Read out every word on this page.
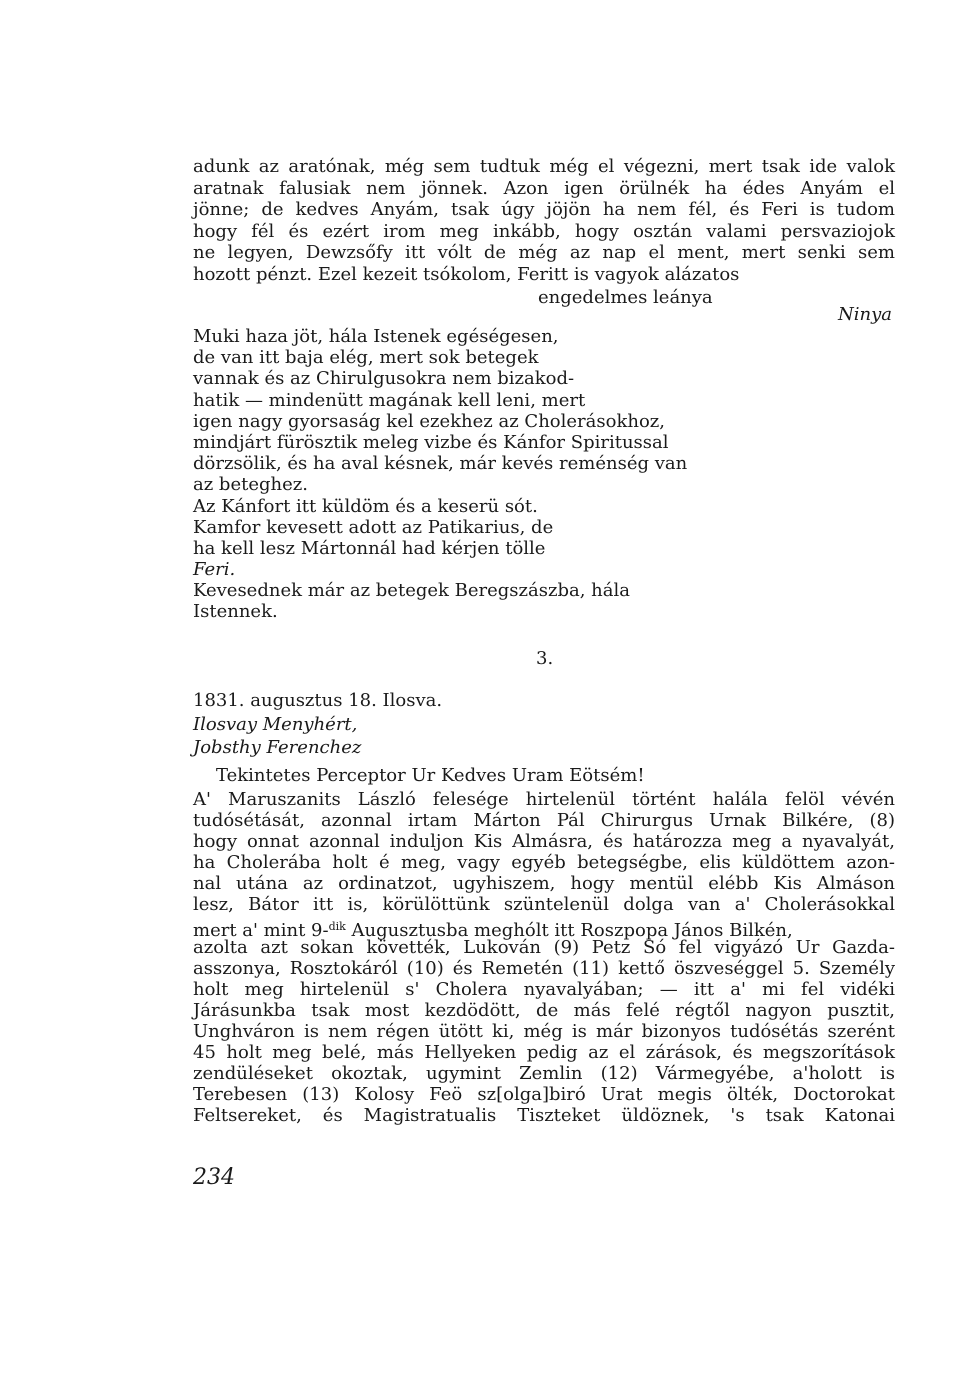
adunk az aratónak, még sem tudtuk még el végezni, mert tsak ide valok
aratnak falusiak nem jönnek. Azon igen örülnék ha édes Anyám el
jönne; de kedves Anyám, tsak úgy jöjön ha nem fél, és Feri is tudom
hogy fél és ezért irom meg inkább, hogy osztán valami persvaziojok
ne legyen, Dewzsőfy itt vólt de még az nap el ment, mert senki sem
hozott pénzt. Ezel kezeit tsókolom, Feritt is vagyok alázatos
engedelmes leánya
Ninya
Muki haza jöt, hála Istenek egéségesen,
de van itt baja elég, mert sok betegek
vannak és az Chirulgusokra nem bizakod-
hatik — mindenütt magának kell leni, mert
igen nagy gyorsaság kel ezekhez az Cholerásokhoz,
mindjárt fürösztik meleg vizbe és Kánfor Spiritussal
dörzsölik, és ha aval késnek, már kevés reménség van
az beteghez.
Az Kánfort itt küldöm és a keserü sót.
Kamfor kevesett adott az Patikarius, de
ha kell lesz Mártonnál had kérjen tölle
Feri.
Kevesednek már az betegek Beregszászba, hála
Istennek.
3.
1831. augusztus 18. Ilosva.
Ilosvay Menyhért,
Jobsthy Ferenchez
Tekintetes Perceptor Ur Kedves Uram Eötsém!
A' Maruszanits László felesége hirtelenül történt halála felöl vévén
tudósétását, azonnal irtam Márton Pál Chirurgus Urnak Bilkére, (8)
hogy onnat azonnal induljon Kis Almásra, és határozza meg a nyavalyát,
ha Cholerába holt é meg, vagy egyéb betegségbe, elis küldöttem azon-
nal utána az ordinatzot, ugyhiszem, hogy mentül elébb Kis Almáson
lesz, Bátor itt is, körülöttünk szüntelenül dolga van a' Cholerásokkal
mert a' mint 9-$^{dik}$ Augusztusba meghólt itt Roszpopa János Bilkén,
azolta azt sokan követték, Lukován (9) Petz Só fel vigyázó Ur Gazda-
asszonya, Rosztokáról (10) és Remetén (11) kettő öszveséggel 5. Személy
holt meg hirtelenül s' Cholera nyavalyában; — itt a' mi fel vidéki
Járásunkba tsak most kezdödött, de más felé régtől nagyon pusztit,
Unghváron is nem régen ütött ki, még is már bizonyos tudósétás szerént
45 holt meg belé, más Hellyeken pedig az el zárások, és megszorítások
zendüléseket okoztak, ugymint Zemlin (12) Vármegyébe, a'holott is
Terebesen (13) Kolosy Feö sz[olga]biró Urat megis ölték, Doctorokat
Feltsereket, és Magistratualis Tiszteket üldöznek, 's tsak Katonai
234
